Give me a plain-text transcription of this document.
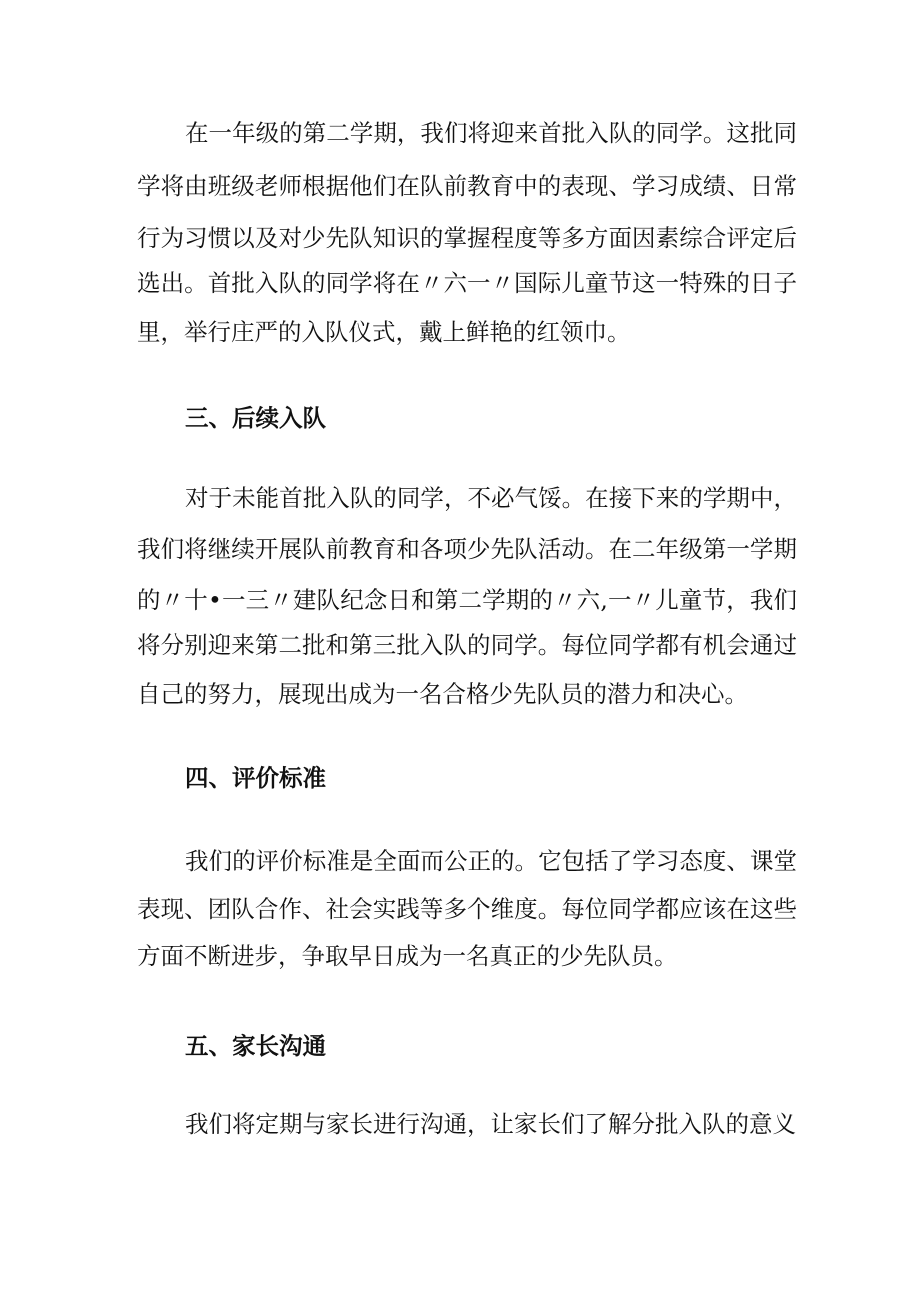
在一年级的第二学期，我们将迎来首批入队的同学。这批同
学将由班级老师根据他们在队前教育中的表现、学习成绩、日常
行为习惯以及对少先队知识的掌握程度等多方面因素综合评定后
选出。首批入队的同学将在〃六一〃国际儿童节这一特殊的日子
里，举行庄严的入队仪式，戴上鲜艳的红领巾。
三、后续入队
对于未能首批入队的同学，不必气馁。在接下来的学期中，
我们将继续开展队前教育和各项少先队活动。在二年级第一学期
的〃十•一三〃建队纪念日和第二学期的〃六,一〃儿童节，我们
将分别迎来第二批和第三批入队的同学。每位同学都有机会通过
自己的努力，展现出成为一名合格少先队员的潜力和决心。
四、评价标准
我们的评价标准是全面而公正的。它包括了学习态度、课堂
表现、团队合作、社会实践等多个维度。每位同学都应该在这些
方面不断进步，争取早日成为一名真正的少先队员。
五、家长沟通
我们将定期与家长进行沟通，让家长们了解分批入队的意义
